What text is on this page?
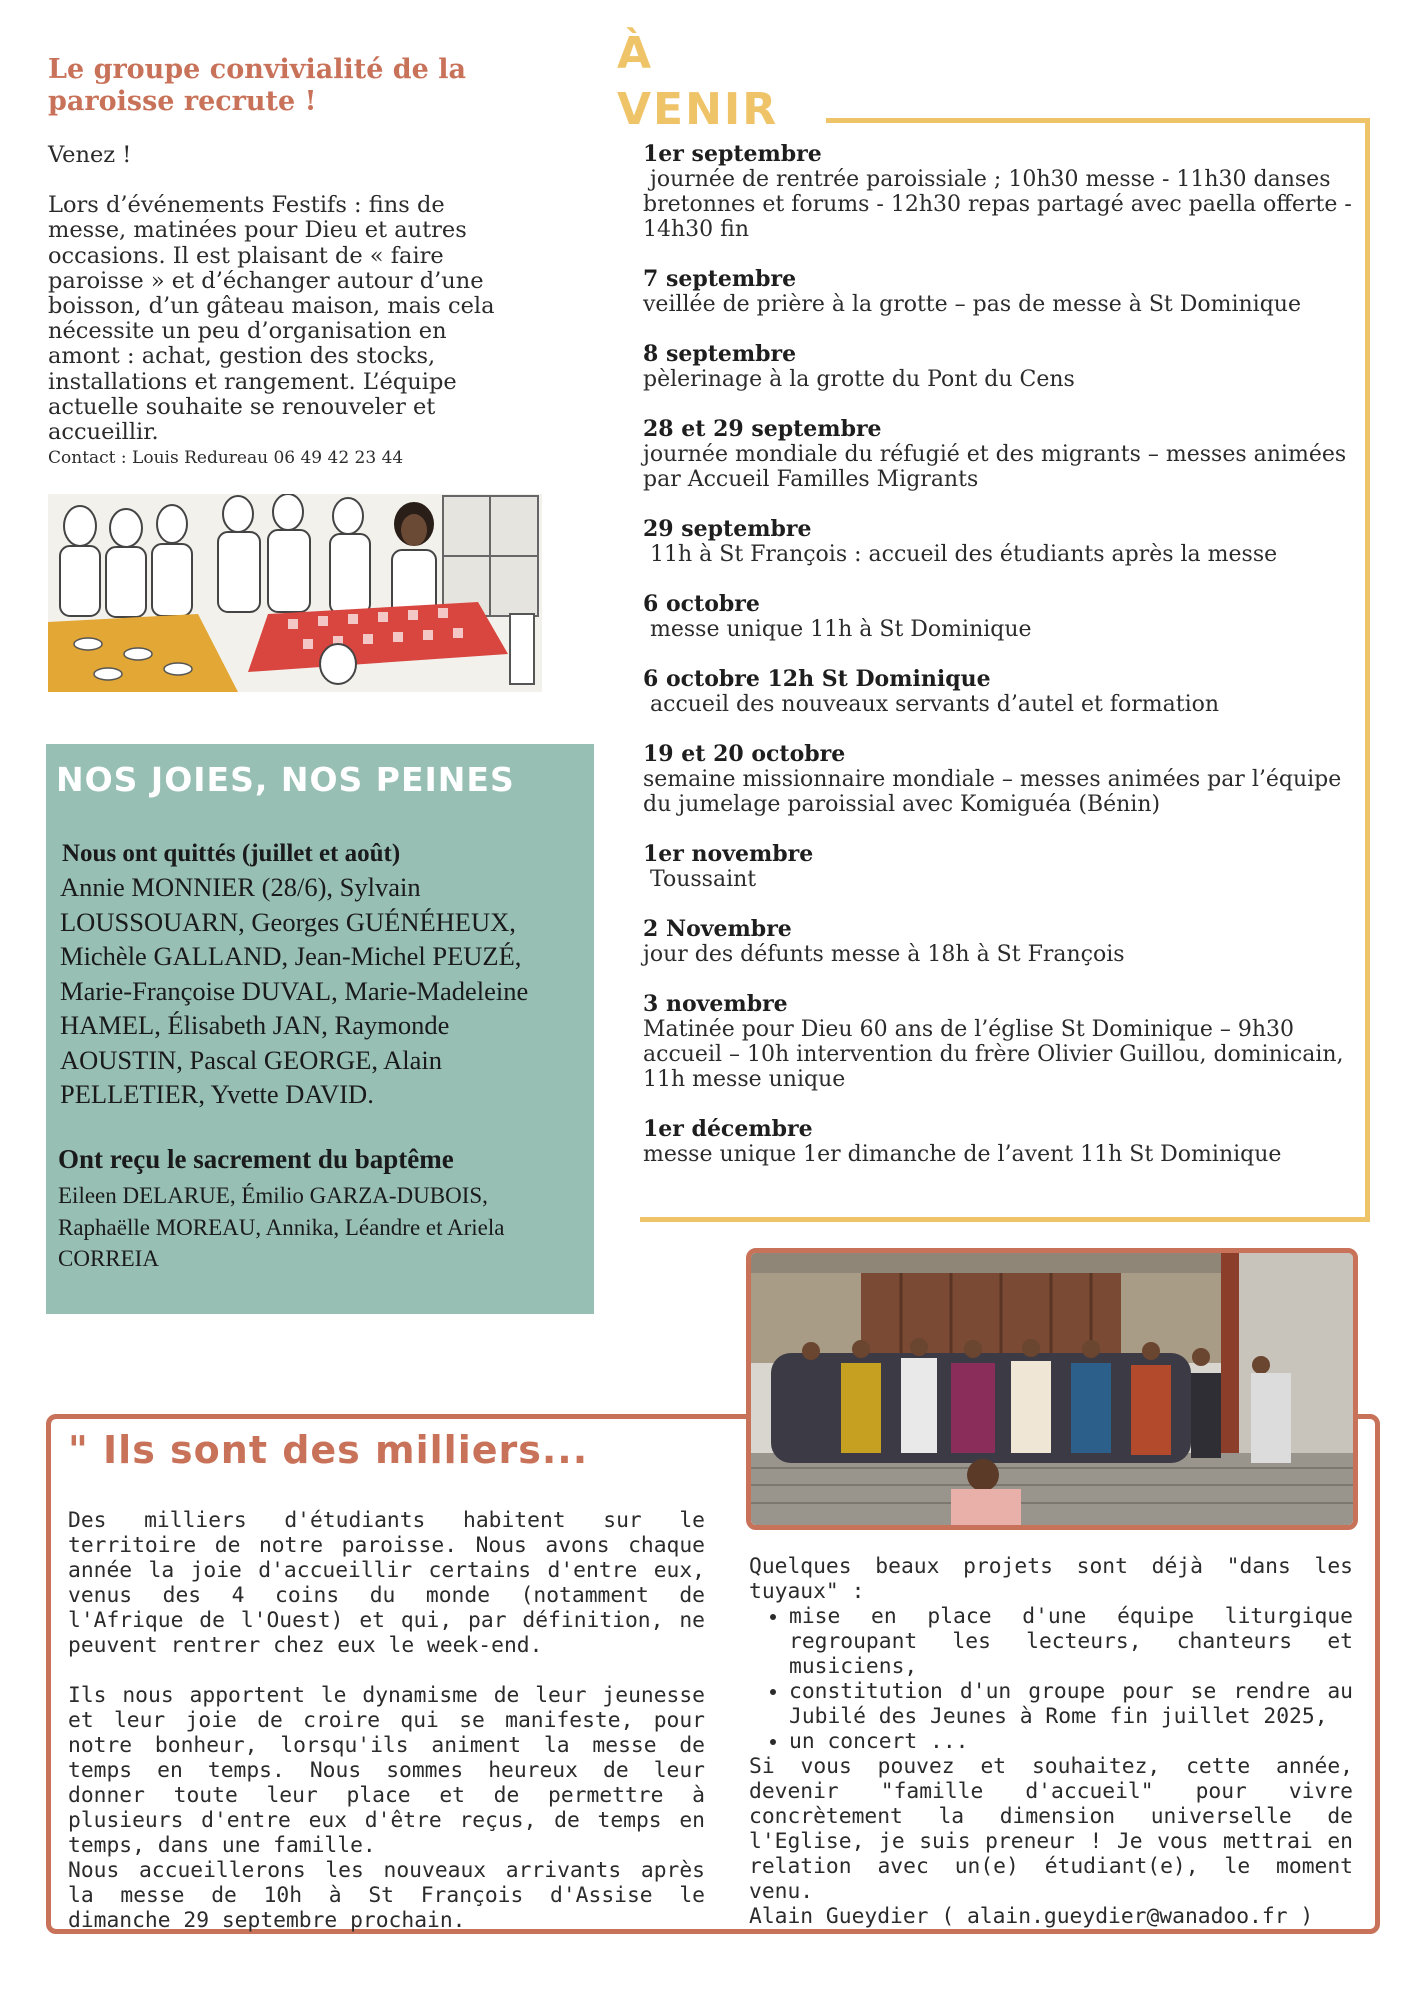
Le groupe convivialité de la paroisse recrute !

Venez !

Lors d’événements Festifs : fins de messe, matinées pour Dieu et autres occasions. Il est plaisant de « faire paroisse » et d’échanger autour d’une boisson, d’un gâteau maison, mais cela nécessite un peu d’organisation en amont : achat, gestion des stocks, installations et rangement. L’équipe actuelle souhaite se renouveler et accueillir.

Contact : Louis Redureau 06 49 42 23 44
NOS JOIES, NOS PEINES
Nous ont quittés (juillet et août)

Annie MONNIER (28/6), Sylvain LOUSSOUARN, Georges GUÉNÉHEUX, Michèle GALLAND, Jean-Michel PEUZÉ, Marie-Françoise DUVAL, Marie-Madeleine HAMEL, Élisabeth JAN, Raymonde AOUSTIN, Pascal GEORGE, Alain PELLETIER, Yvette DAVID.

Ont reçu le sacrement du baptême

Eileen DELARUE, Émilio GARZA-DUBOIS, Raphaëlle MOREAU, Annika, Léandre et Ariela CORREIA

À
VENIR
1er septembre
journée de rentrée paroissiale ; 10h30 messe - 11h30 danses bretonnes et forums - 12h30 repas partagé avec paella offerte - 14h30 fin
7 septembre
veillée de prière à la grotte – pas de messe à St Dominique
8 septembre
pèlerinage à la grotte du Pont du Cens
28 et 29 septembre
journée mondiale du réfugié et des migrants – messes animées par Accueil Familles Migrants
29 septembre
11h à St François : accueil des étudiants après la messe
6 octobre
messe unique 11h à St Dominique
6 octobre 12h St Dominique
accueil des nouveaux servants d’autel et formation
19 et 20 octobre
semaine missionnaire mondiale – messes animées par l’équipe du jumelage paroissial avec Komiguéa (Bénin)
1er novembre
Toussaint
2 Novembre
jour des défunts messe à 18h à St François
3 novembre
Matinée pour Dieu 60 ans de l’église St Dominique – 9h30 accueil – 10h intervention du frère Olivier Guillou, dominicain, 11h messe unique
1er décembre
messe unique 1er dimanche de l’avent 11h St Dominique
" Ils sont des milliers...

Des milliers d'étudiants habitent sur le territoire de notre paroisse. Nous avons chaque année la joie d'accueillir certains d'entre eux, venus des 4 coins du monde (notamment de l'Afrique de l'Ouest) et qui, par définition, ne peuvent rentrer chez eux le week-end.

Ils nous apportent le dynamisme de leur jeunesse et leur joie de croire qui se manifeste, pour notre bonheur, lorsqu'ils animent la messe de temps en temps. Nous sommes heureux de leur donner toute leur place et de permettre à plusieurs d'entre eux d'être reçus, de temps en temps, dans une famille.

Nous accueillerons les nouveaux arrivants après la messe de 10h à St François d'Assise le dimanche 29 septembre prochain.

Quelques beaux projets sont déjà "dans les tuyaux" :

• mise en place d'une équipe liturgique regroupant les lecteurs, chanteurs et musiciens,
• constitution d'un groupe pour se rendre au Jubilé des Jeunes à Rome fin juillet 2025,
• un concert ...

Si vous pouvez et souhaitez, cette année, devenir "famille d'accueil" pour vivre concrètement la dimension universelle de l'Eglise, je suis preneur ! Je vous mettrai en relation avec un(e) étudiant(e), le moment venu.

Alain Gueydier ( alain.gueydier@wanadoo.fr )
